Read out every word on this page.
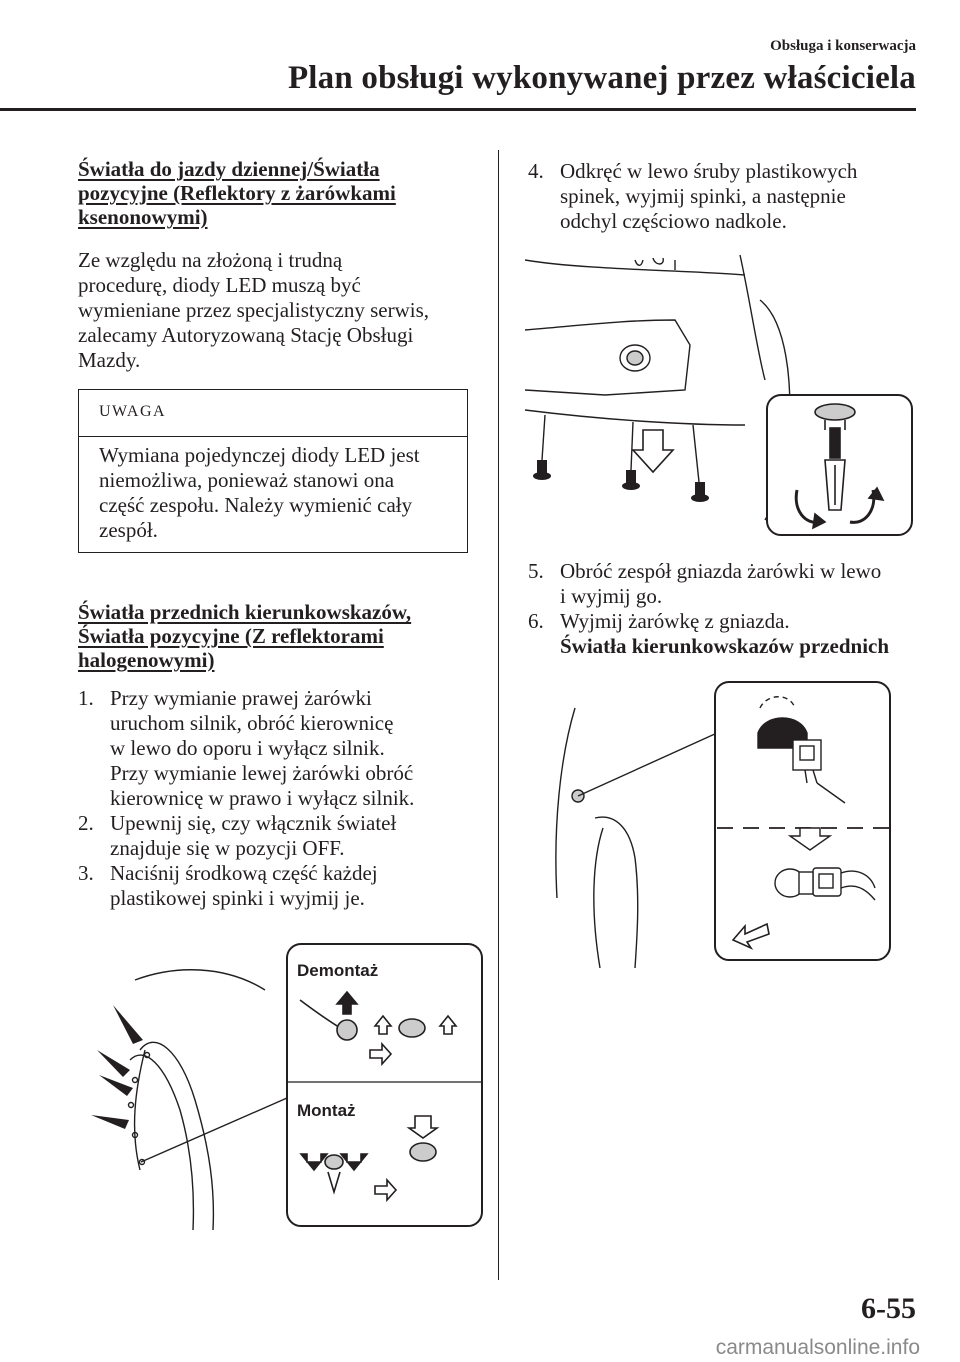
Obsługa i konserwacja
Plan obsługi wykonywanej przez właściciela
Światła do jazdy dziennej/Światła
pozycyjne (Reflektory z żarówkami
ksenonowymi)
Ze względu na złożoną i trudną
procedurę, diody LED muszą być
wymieniane przez specjalistyczny serwis,
zalecamy Autoryzowaną Stację Obsługi
Mazdy.
UWAGA
Wymiana pojedynczej diody LED jest
niemożliwa, ponieważ stanowi ona
część zespołu. Należy wymienić cały
zespół.
Światła przednich kierunkowskazów,
Światła pozycyjne (Z reflektorami
halogenowymi)
1. Przy wymianie prawej żarówki
uruchom silnik, obróć kierownicę
w lewo do oporu i wyłącz silnik.
Przy wymianie lewej żarówki obróć
kierownicę w prawo i wyłącz silnik.
2. Upewnij się, czy włącznik świateł
znajduje się w pozycji OFF.
3. Naciśnij środkową część każdej
plastikowej spinki i wyjmij je.
Demontaż
Montaż
4. Odkręć w lewo śruby plastikowych
spinek, wyjmij spinki, a następnie
odchyl częściowo nadkole.
5. Obróć zespół gniazda żarówki w lewo
i wyjmij go.
6. Wyjmij żarówkę z gniazda.
Światła kierunkowskazów przednich
6-55
carmanualsonline.info
